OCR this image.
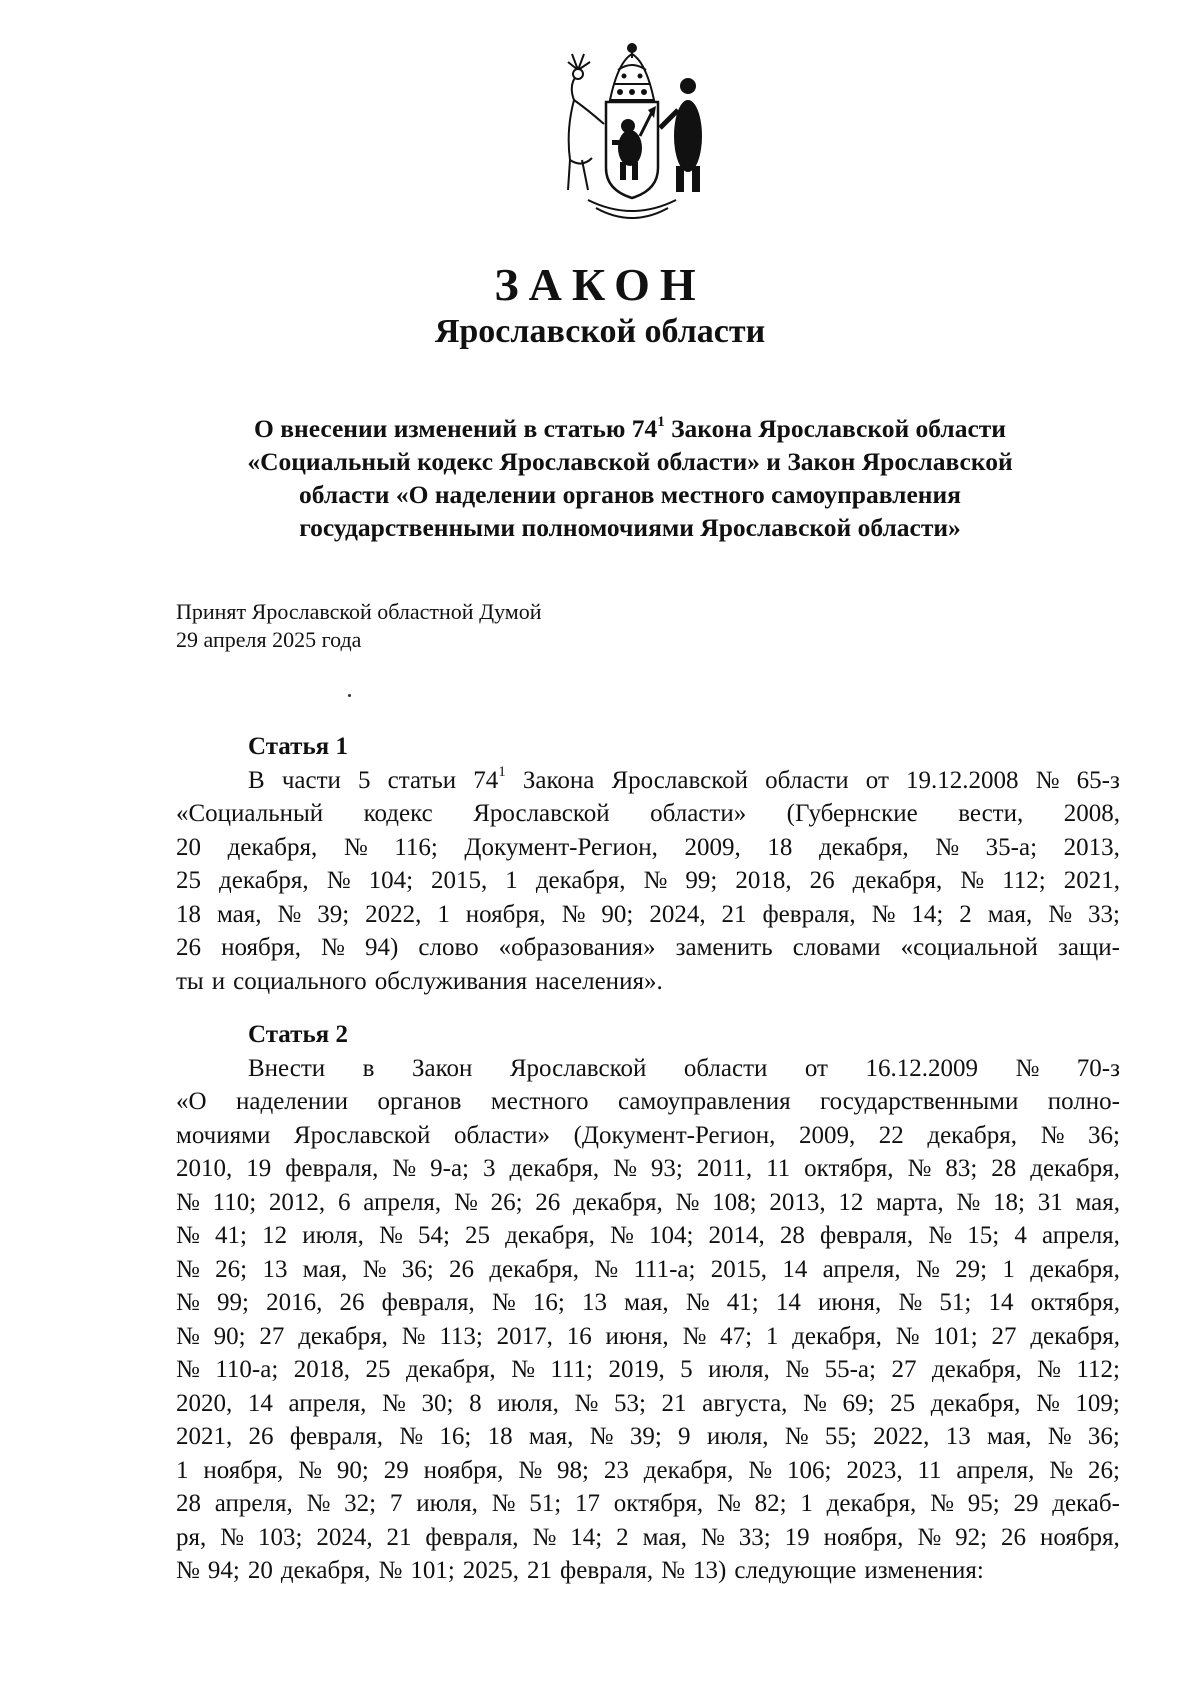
ЗАКОН
Ярославской области
О внесении изменений в статью $74^1$ Закона Ярославской области
«Социальный кодекс Ярославской области» и Закон Ярославской
области «О наделении органов местного самоуправления
государственными полномочиями Ярославской области»
Принят Ярославской областной Думой
29 апреля 2025 года
Статья 1
В части 5 статьи $74^1$ Закона Ярославской области от 19.12.2008 № 65-з
«Социальный кодекс Ярославской области» (Губернские вести, 2008,
20 декабря, № 116; Документ-Регион, 2009, 18 декабря, № 35-а; 2013,
25 декабря, № 104; 2015, 1 декабря, № 99; 2018, 26 декабря, № 112; 2021,
18 мая, № 39; 2022, 1 ноября, № 90; 2024, 21 февраля, № 14; 2 мая, № 33;
26 ноября, № 94) слово «образования» заменить словами «социальной защи-
ты и социального обслуживания населения».
Статья 2
Внести в Закон Ярославской области от 16.12.2009 № 70-з
«О наделении органов местного самоуправления государственными полно-
мочиями Ярославской области» (Документ-Регион, 2009, 22 декабря, № 36;
2010, 19 февраля, № 9-а; 3 декабря, № 93; 2011, 11 октября, № 83; 28 декабря,
№ 110; 2012, 6 апреля, № 26; 26 декабря, № 108; 2013, 12 марта, № 18; 31 мая,
№ 41; 12 июля, № 54; 25 декабря, № 104; 2014, 28 февраля, № 15; 4 апреля,
№ 26; 13 мая, № 36; 26 декабря, № 111-а; 2015, 14 апреля, № 29; 1 декабря,
№ 99; 2016, 26 февраля, № 16; 13 мая, № 41; 14 июня, № 51; 14 октября,
№ 90; 27 декабря, № 113; 2017, 16 июня, № 47; 1 декабря, № 101; 27 декабря,
№ 110-а; 2018, 25 декабря, № 111; 2019, 5 июля, № 55-а; 27 декабря, № 112;
2020, 14 апреля, № 30; 8 июля, № 53; 21 августа, № 69; 25 декабря, № 109;
2021, 26 февраля, № 16; 18 мая, № 39; 9 июля, № 55; 2022, 13 мая, № 36;
1 ноября, № 90; 29 ноября, № 98; 23 декабря, № 106; 2023, 11 апреля, № 26;
28 апреля, № 32; 7 июля, № 51; 17 октября, № 82; 1 декабря, № 95; 29 декаб-
ря, № 103; 2024, 21 февраля, № 14; 2 мая, № 33; 19 ноября, № 92; 26 ноября,
№ 94; 20 декабря, № 101; 2025, 21 февраля, № 13) следующие изменения:
